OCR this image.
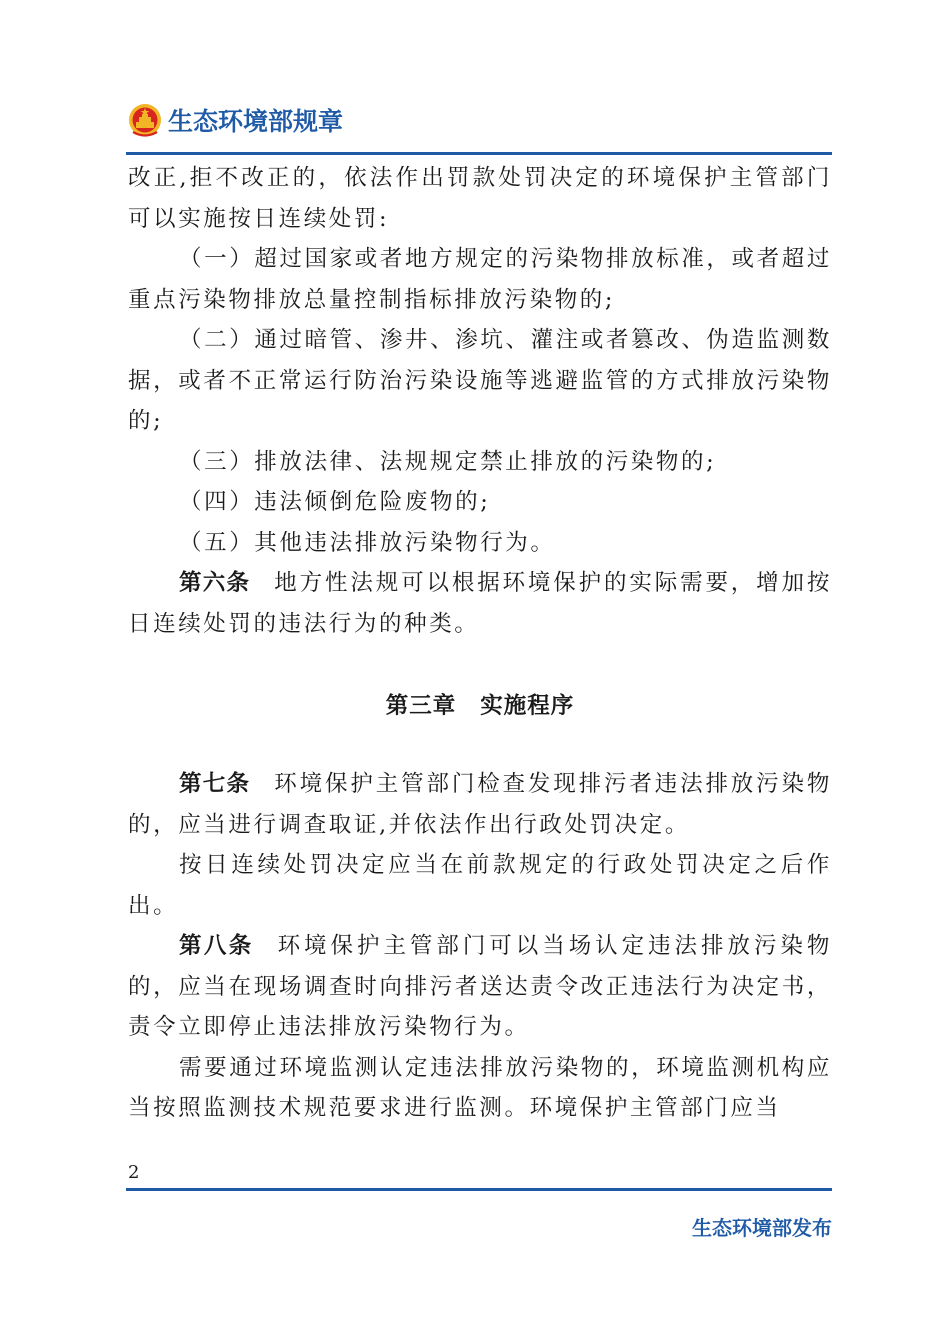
生态环境部规章

改正,拒不改正的，依法作出罚款处罚决定的环境保护主管部门可以实施按日连续处罚:

（一）超过国家或者地方规定的污染物排放标准，或者超过重点污染物排放总量控制指标排放污染物的;

（二）通过暗管、渗井、渗坑、灌注或者篡改、伪造监测数据，或者不正常运行防治污染设施等逃避监管的方式排放污染物的;

（三）排放法律、法规规定禁止排放的污染物的;

（四）违法倾倒危险废物的;

（五）其他违法排放污染物行为。

第六条 地方性法规可以根据环境保护的实际需要，增加按日连续处罚的违法行为的种类。

第三章 实施程序

第七条 环境保护主管部门检查发现排污者违法排放污染物的，应当进行调查取证,并依法作出行政处罚决定。

按日连续处罚决定应当在前款规定的行政处罚决定之后作出。

第八条 环境保护主管部门可以当场认定违法排放污染物的，应当在现场调查时向排污者送达责令改正违法行为决定书，责令立即停止违法排放污染物行为。

需要通过环境监测认定违法排放污染物的，环境监测机构应当按照监测技术规范要求进行监测。环境保护主管部门应当

2
生态环境部发布
